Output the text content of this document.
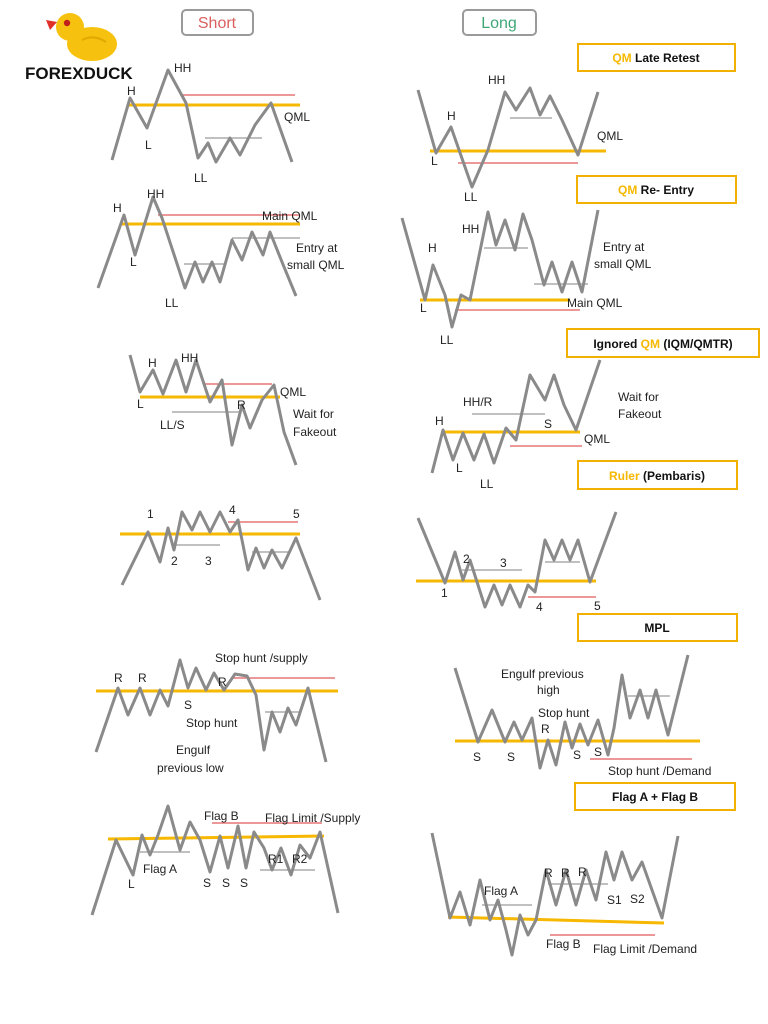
FOREXDUCK
Short	Long
QM Late Retest
QM Re- Entry
Ignored QM (IQM/QMTR)
Ruler (Pembaris)
MPL
Flag A + Flag B
H
HH
L
LL
QML
H
HH
L
LL
Main QML
Entry at
small QML
H HH
L
LL/S
R
QML
Wait for
Fakeout
1
2 3
4	5
R R	R
S
Stop hunt /supply
Stop hunt
Engulf
previous low
Flag B Flag Limit /Supply
Flag A
L	S S S
R1 R2
HH
H
L
LL
QML
HH
H
L
LL
Main QML
Entry at
small QML
HH/R
H
L
LL
S
QML
Wait for
Fakeout
1
2	3
4	5
Engulf previous
high
Stop hunt
R
S S	S S
Stop hunt /Demand
Flag A
Flag B Flag Limit /Demand
R R R
S1 S2
